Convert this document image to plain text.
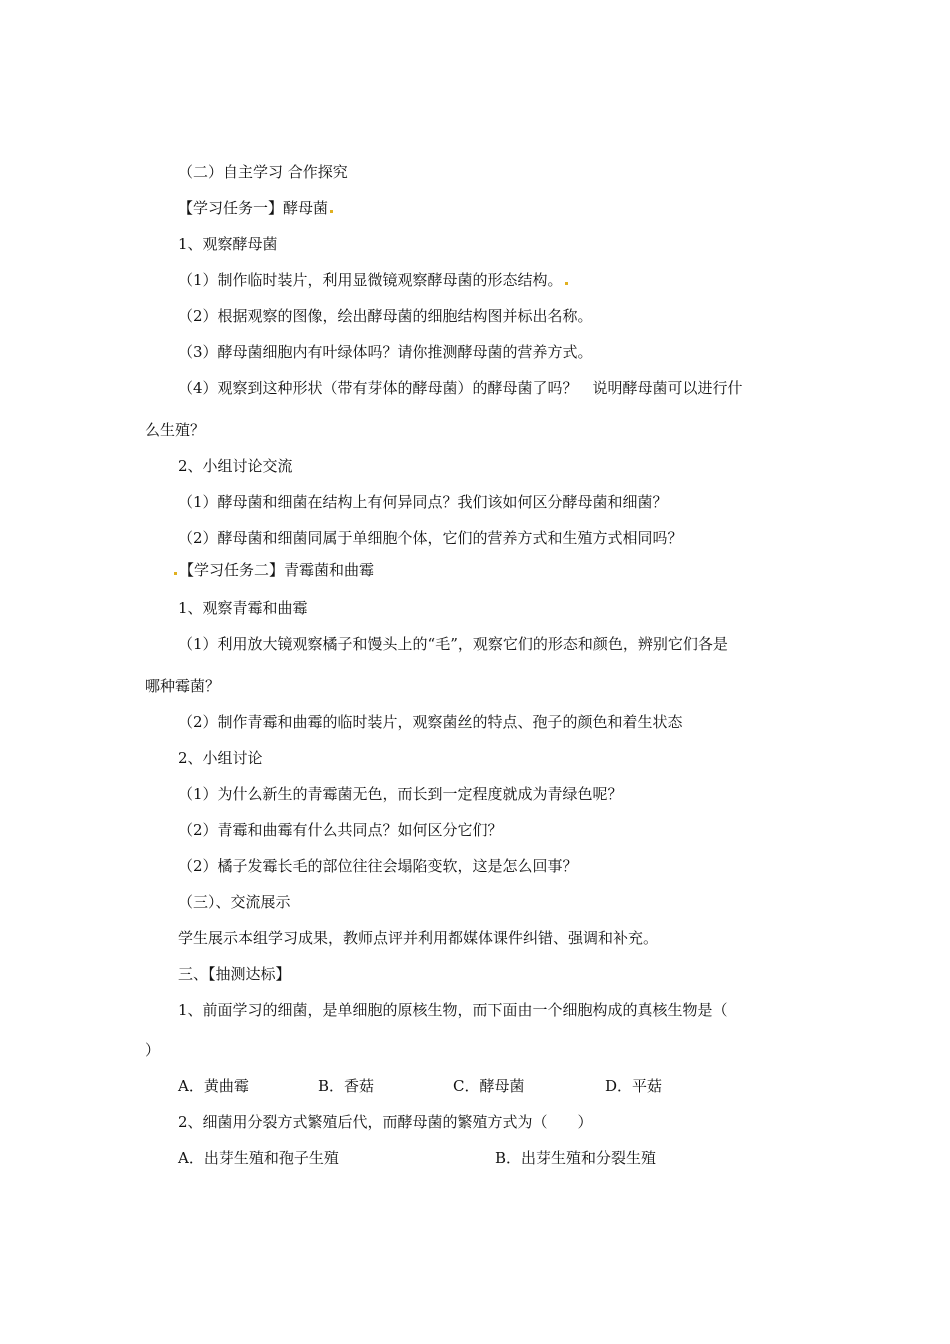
（二）自主学习 合作探究
【学习任务一】酵母菌
1、观察酵母菌
（1）制作临时装片，利用显微镜观察酵母菌的形态结构。
（2）根据观察的图像，绘出酵母菌的细胞结构图并标出名称。
（3）酵母菌细胞内有叶绿体吗？请你推测酵母菌的营养方式。
（4）观察到这种形状（带有芽体的酵母菌）的酵母菌了吗？　说明酵母菌可以进行什
么生殖？
2、小组讨论交流
（1）酵母菌和细菌在结构上有何异同点？我们该如何区分酵母菌和细菌？
（2）酵母菌和细菌同属于单细胞个体，它们的营养方式和生殖方式相同吗？
【学习任务二】青霉菌和曲霉
1、观察青霉和曲霉
（1）利用放大镜观察橘子和馒头上的“毛”，观察它们的形态和颜色，辨别它们各是
哪种霉菌？
（2）制作青霉和曲霉的临时装片，观察菌丝的特点、孢子的颜色和着生状态
2、小组讨论
（1）为什么新生的青霉菌无色，而长到一定程度就成为青绿色呢？
（2）青霉和曲霉有什么共同点？如何区分它们？
（2）橘子发霉长毛的部位往往会塌陷变软，这是怎么回事？
（三）、交流展示
学生展示本组学习成果，教师点评并利用都媒体课件纠错、强调和补充。
三、【抽测达标】
1、前面学习的细菌，是单细胞的原核生物，而下面由一个细胞构成的真核生物是（
）
A．黄曲霉	B．香菇	C．酵母菌	D．平菇
2、细菌用分裂方式繁殖后代，而酵母菌的繁殖方式为（　　）
A．出芽生殖和孢子生殖	B．出芽生殖和分裂生殖
